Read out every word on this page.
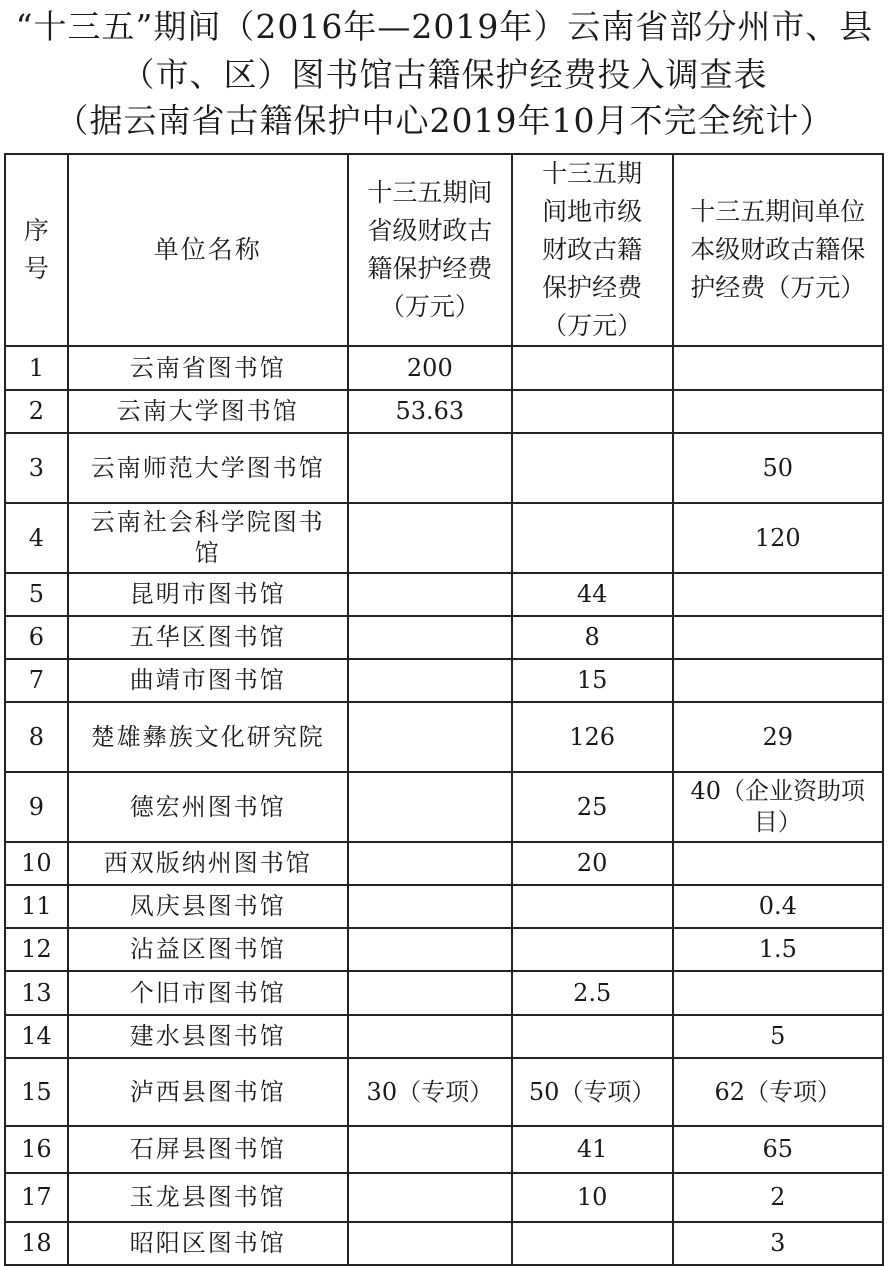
“十三五”期间（2016年—2019年）云南省部分州市、县
（市、区）图书馆古籍保护经费投入调查表
（据云南省古籍保护中心2019年10月不完全统计）
序号	单位名称	十三五期间省级财政古籍保护经费（万元）	十三五期间地市级财政古籍保护经费（万元）	十三五期间单位本级财政古籍保护经费（万元）
1	云南省图书馆	200		
2	云南大学图书馆	53.63		
3	云南师范大学图书馆			50
4	云南社会科学院图书馆			120
5	昆明市图书馆		44	
6	五华区图书馆		8	
7	曲靖市图书馆		15	
8	楚雄彝族文化研究院		126	29
9	德宏州图书馆		25	40（企业资助项目）
10	西双版纳州图书馆		20	
11	凤庆县图书馆			0.4
12	沾益区图书馆			1.5
13	个旧市图书馆		2.5	
14	建水县图书馆			5
15	泸西县图书馆	30（专项）	50（专项）	62（专项）
16	石屏县图书馆		41	65
17	玉龙县图书馆		10	2
18	昭阳区图书馆			3
